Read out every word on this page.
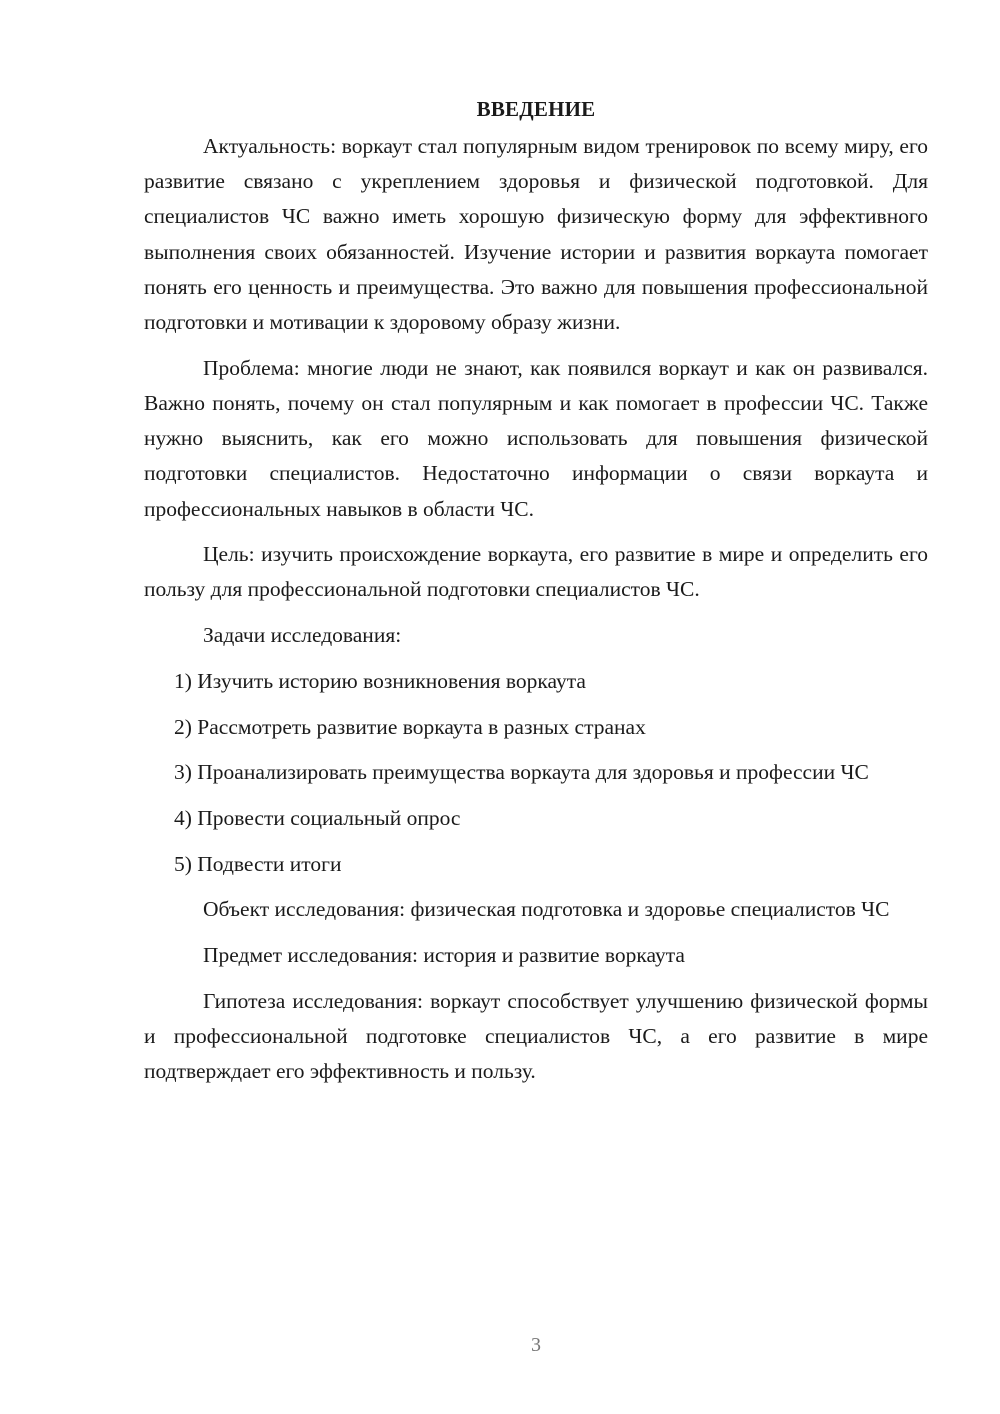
ВВЕДЕНИЕ

Актуальность: воркаут стал популярным видом тренировок по всему миру, его развитие связано с укреплением здоровья и физической подготовкой. Для специалистов ЧС важно иметь хорошую физическую форму для эффективного выполнения своих обязанностей. Изучение истории и развития воркаута помогает понять его ценность и преимущества. Это важно для повышения профессиональной подготовки и мотивации к здоровому образу жизни.

Проблема: многие люди не знают, как появился воркаут и как он развивался. Важно понять, почему он стал популярным и как помогает в профессии ЧС. Также нужно выяснить, как его можно использовать для повышения физической подготовки специалистов. Недостаточно информации о связи воркаута и профессиональных навыков в области ЧС.

Цель: изучить происхождение воркаута, его развитие в мире и определить его пользу для профессиональной подготовки специалистов ЧС.

Задачи исследования:

1) Изучить историю возникновения воркаута

2) Рассмотреть развитие воркаута в разных странах

3) Проанализировать преимущества воркаута для здоровья и профессии ЧС

4) Провести социальный опрос

5) Подвести итоги

Объект исследования: физическая подготовка и здоровье специалистов ЧС

Предмет исследования: история и развитие воркаута

Гипотеза исследования: воркаут способствует улучшению физической формы и профессиональной подготовке специалистов ЧС, а его развитие в мире подтверждает его эффективность и пользу.

3
